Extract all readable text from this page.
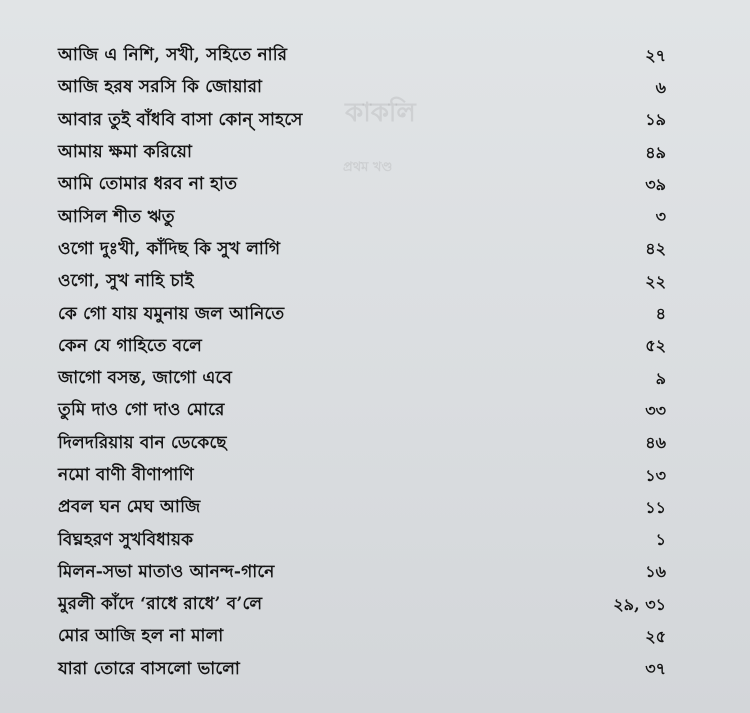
কাকলি
প্রথম খণ্ড
আজি এ নিশি, সখী, সহিতে নারি	২৭
আজি হরষ সরসি কি জোয়ারা	৬
আবার তুই বাঁধবি বাসা কোন্ সাহসে	১৯
আমায় ক্ষমা করিয়ো	৪৯
আমি তোমার ধরব না হাত	৩৯
আসিল শীত ঋতু	৩
ওগো দুঃখী, কাঁদিছ কি সুখ লাগি	৪২
ওগো, সুখ নাহি চাই	২২
কে গো যায় যমুনায় জল আনিতে	৪
কেন যে গাহিতে বলে	৫২
জাগো বসন্ত, জাগো এবে	৯
তুমি দাও গো দাও মোরে	৩৩
দিলদরিয়ায় বান ডেকেছে	৪৬
নমো বাণী বীণাপাণি	১৩
প্রবল ঘন মেঘ আজি	১১
বিঘ্নহরণ সুখবিধায়ক	১
মিলন-সভা মাতাও আনন্দ-গানে	১৬
মুরলী কাঁদে ‘রাধে রাধে’ ব’লে	২৯, ৩১
মোর আজি হল না মালা	২৫
যারা তোরে বাসলো ভালো	৩৭
